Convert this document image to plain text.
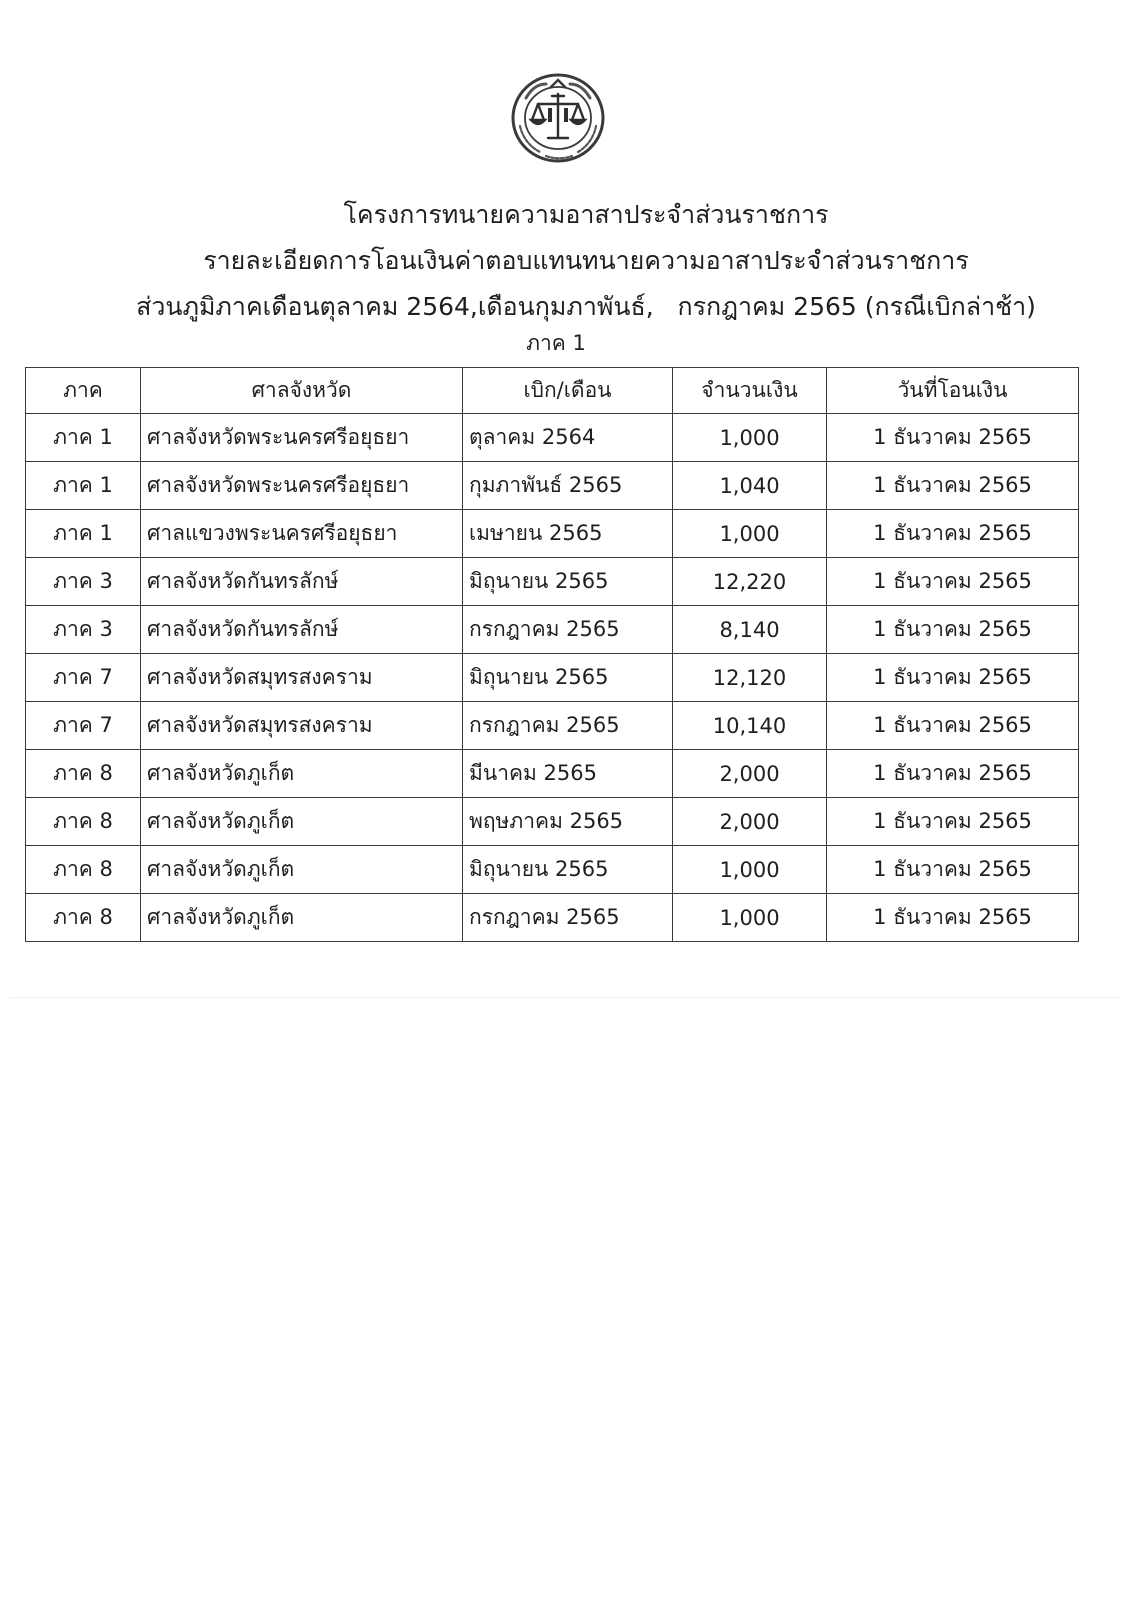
โครงการทนายความอาสาประจำส่วนราชการ
รายละเอียดการโอนเงินค่าตอบแทนทนายความอาสาประจำส่วนราชการ
ส่วนภูมิภาคเดือนตุลาคม 2564,เดือนกุมภาพันธ์,   กรกฎาคม 2565 (กรณีเบิกล่าช้า)
ภาค 1
ภาค	ศาลจังหวัด	เบิก/เดือน	จำนวนเงิน	วันที่โอนเงิน
ภาค 1	ศาลจังหวัดพระนครศรีอยุธยา	ตุลาคม 2564	1,000	1 ธันวาคม 2565
ภาค 1	ศาลจังหวัดพระนครศรีอยุธยา	กุมภาพันธ์ 2565	1,040	1 ธันวาคม 2565
ภาค 1	ศาลแขวงพระนครศรีอยุธยา	เมษายน 2565	1,000	1 ธันวาคม 2565
ภาค 3	ศาลจังหวัดกันทรลักษ์	มิถุนายน 2565	12,220	1 ธันวาคม 2565
ภาค 3	ศาลจังหวัดกันทรลักษ์	กรกฎาคม 2565	8,140	1 ธันวาคม 2565
ภาค 7	ศาลจังหวัดสมุทรสงคราม	มิถุนายน 2565	12,120	1 ธันวาคม 2565
ภาค 7	ศาลจังหวัดสมุทรสงคราม	กรกฎาคม 2565	10,140	1 ธันวาคม 2565
ภาค 8	ศาลจังหวัดภูเก็ต	มีนาคม 2565	2,000	1 ธันวาคม 2565
ภาค 8	ศาลจังหวัดภูเก็ต	พฤษภาคม 2565	2,000	1 ธันวาคม 2565
ภาค 8	ศาลจังหวัดภูเก็ต	มิถุนายน 2565	1,000	1 ธันวาคม 2565
ภาค 8	ศาลจังหวัดภูเก็ต	กรกฎาคม 2565	1,000	1 ธันวาคม 2565
